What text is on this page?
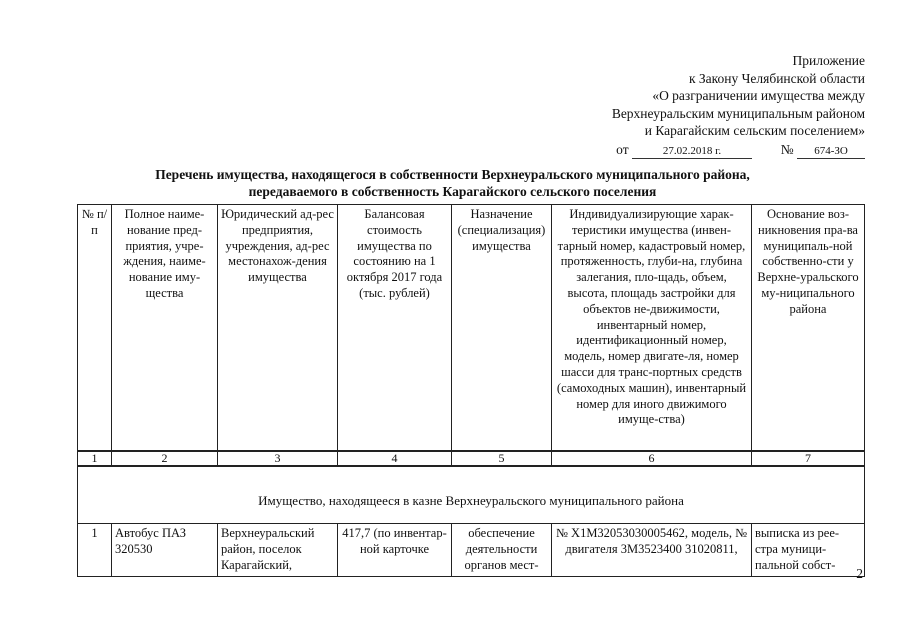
Приложение
к Закону Челябинской области
«О разграничении имущества между
Верхнеуральским муниципальным районом
и Карагайским сельским поселением»
от	27.02.2018 г.	№ 674-ЗО
Перечень имущества, находящегося в собственности Верхнеуральского муниципального района,
передаваемого в собственность Карагайского сельского поселения
№ п/п	Полное наиме-нование пред-приятия, учре-ждения, наиме-нование иму-щества	Юридический ад-рес предприятия, учреждения, ад-рес местонахож-дения имущества	Балансовая стоимость имущества по состоянию на 1 октября 2017 года (тыс. рублей)	Назначение (специализация) имущества	Индивидуализирующие харак-теристики имущества (инвен-тарный номер, кадастровый номер, протяженность, глуби-на, глубина залегания, пло-щадь, объем, высота, площадь застройки для объектов не-движимости, инвентарный номер, идентификационный номер, модель, номер двигате-ля, номер шасси для транс-портных средств (самоходных машин), инвентарный номер для иного движимого имуще-ства)	Основание воз-никновения пра-ва муниципаль-ной собственно-сти у Верхне-уральского му-ниципального района
1	2	3	4	5	6	7
Имущество, находящееся в казне Верхнеуральского муниципального района						
1	Автобус ПАЗ 320530	Верхнеуральский район, поселок Карагайский,	417,7 (по инвентар-ной карточке	обеспечение деятельности органов мест-	№ X1M32053030005462, модель, № двигателя 3M3523400 31020811,	выписка из рее-стра муници-пальной собст-
2
